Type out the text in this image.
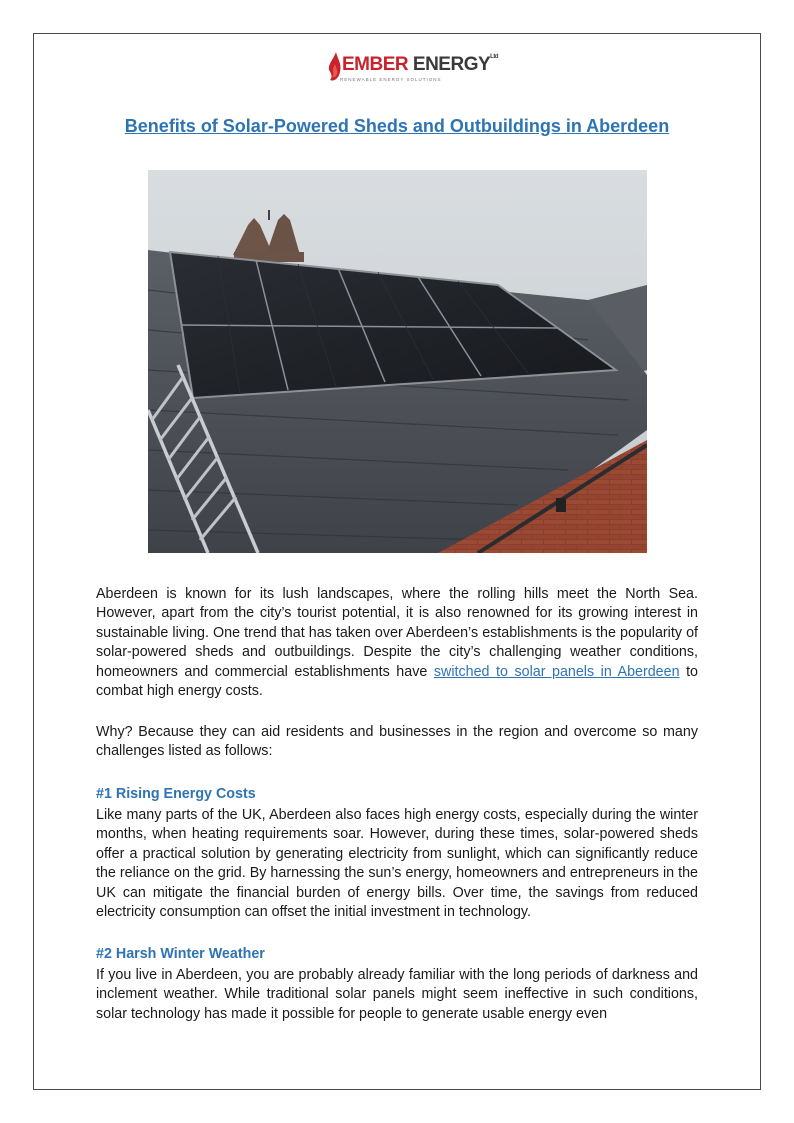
EMBER $ENERGY^{Ltd}$
RENEWABLE ENERGY SOLUTIONS
Benefits of Solar-Powered Sheds and Outbuildings in Aberdeen

Aberdeen is known for its lush landscapes, where the rolling hills meet the North Sea. However, apart from the city’s tourist potential, it is also renowned for its growing interest in sustainable living. One trend that has taken over Aberdeen’s establishments is the popularity of solar-powered sheds and outbuildings. Despite the city’s challenging weather conditions, homeowners and commercial establishments have switched to solar panels in Aberdeen to combat high energy costs.

Why? Because they can aid residents and businesses in the region and overcome so many challenges listed as follows:

#1 Rising Energy Costs

Like many parts of the UK, Aberdeen also faces high energy costs, especially during the winter months, when heating requirements soar. However, during these times, solar-powered sheds offer a practical solution by generating electricity from sunlight, which can significantly reduce the reliance on the grid. By harnessing the sun’s energy, homeowners and entrepreneurs in the UK can mitigate the financial burden of energy bills. Over time, the savings from reduced electricity consumption can offset the initial investment in technology.

#2 Harsh Winter Weather

If you live in Aberdeen, you are probably already familiar with the long periods of darkness and inclement weather. While traditional solar panels might seem ineffective in such conditions, solar technology has made it possible for people to generate usable energy even
